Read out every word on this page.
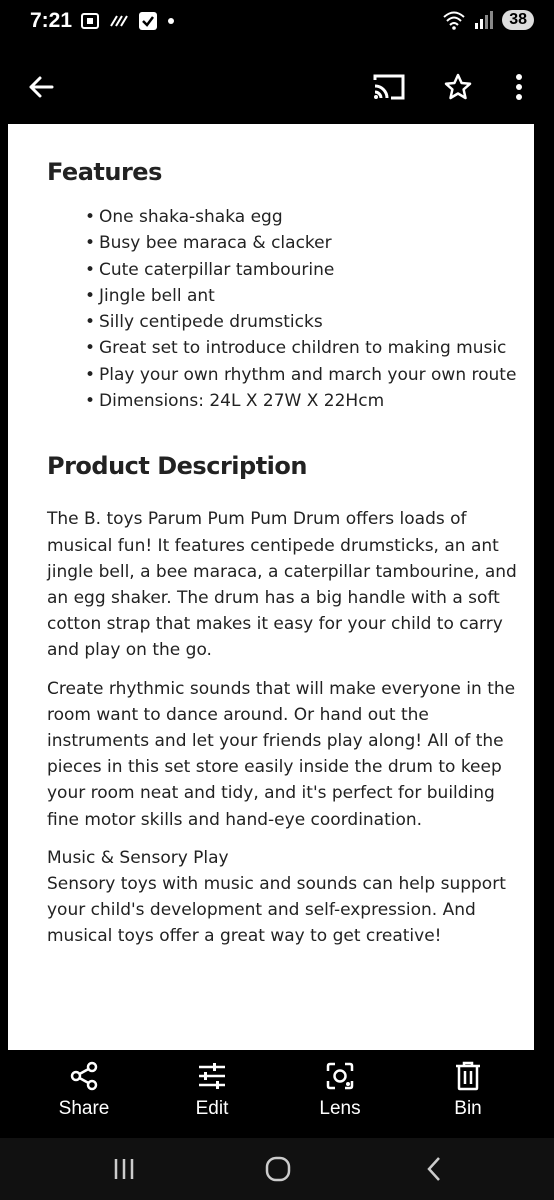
7:21	38
Features
• One shaka-shaka egg
• Busy bee maraca & clacker
• Cute caterpillar tambourine
• Jingle bell ant
• Silly centipede drumsticks
• Great set to introduce children to making music
• Play your own rhythm and march your own route
• Dimensions: 24L X 27W X 22Hcm
Product Description

The B. toys Parum Pum Pum Drum offers loads of musical fun! It features centipede drumsticks, an ant jingle bell, a bee maraca, a caterpillar tambourine, and an egg shaker. The drum has a big handle with a soft cotton strap that makes it easy for your child to carry and play on the go.

Create rhythmic sounds that will make everyone in the room want to dance around. Or hand out the instruments and let your friends play along! All of the pieces in this set store easily inside the drum to keep your room neat and tidy, and it's perfect for building fine motor skills and hand-eye coordination.

Music & Sensory Play
Sensory toys with music and sounds can help support your child's development and self-expression. And musical toys offer a great way to get creative!

Share	Edit	Lens	Bin
